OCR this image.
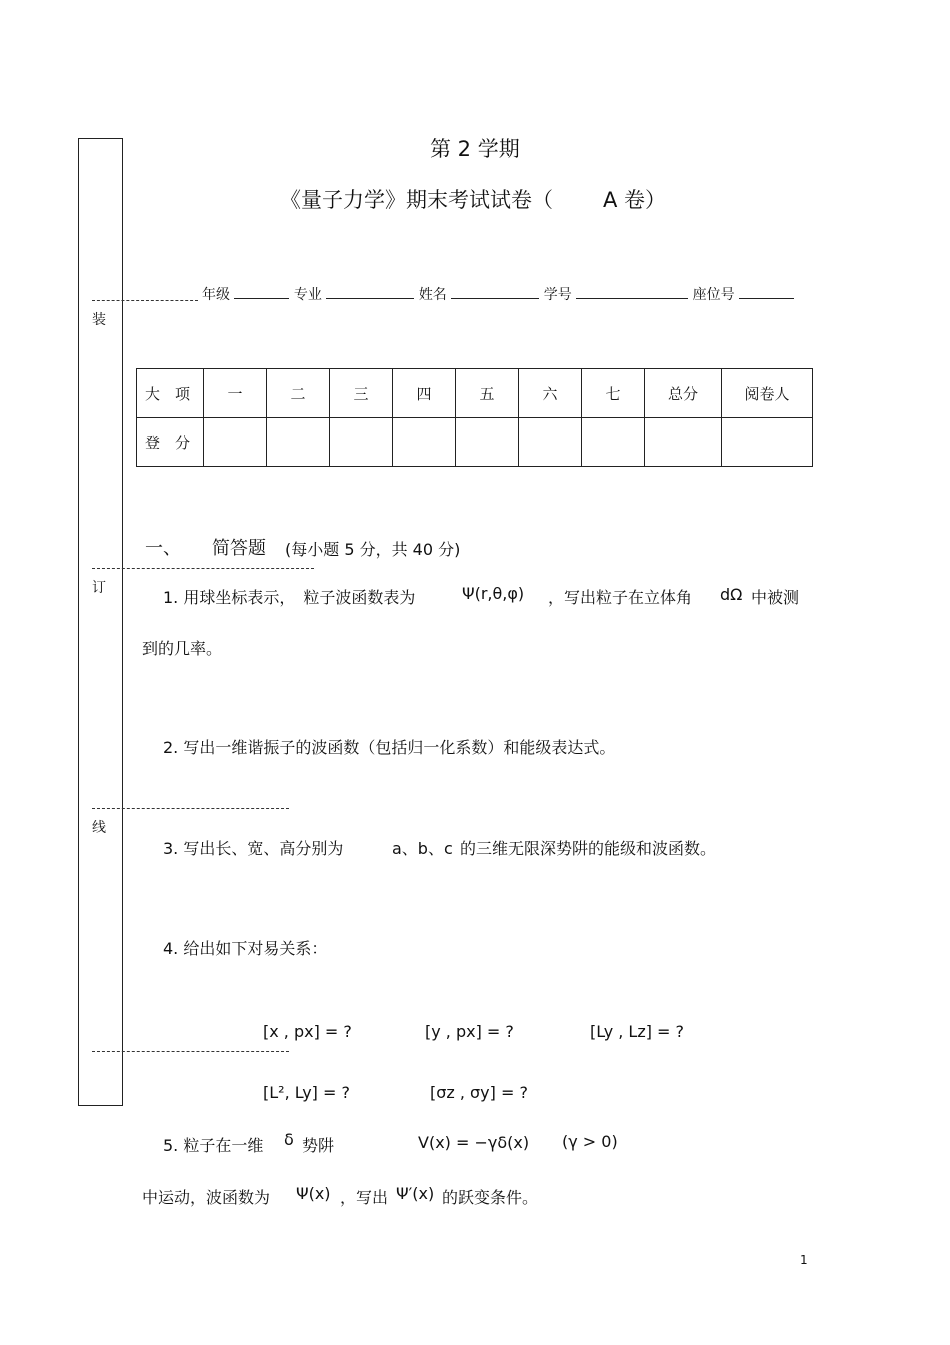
装
订
线
第 2 学期
《量子力学》期末考试试卷（ A 卷）
年级	专业	姓名	学号	座位号
大　项	一	二	三	四	五	六	七	总分	阅卷人
登　分									
一、 简答题 (每小题 5 分，共 40 分)
1. 用球坐标表示，　粒子波函数表为	Ψ(r,θ,φ) ，写出粒子在立体角 dΩ 中被测
到的几率。
2. 写出一维谐振子的波函数（包括归一化系数）和能级表达式。
3. 写出长、宽、高分别为	a、b、c 的三维无限深势阱的能级和波函数。
4. 给出如下对易关系：
[x , px] = ?	[y , px] = ?	[Ly , Lz] = ?
[L², Ly] = ?	[σz , σy] = ?
5. 粒子在一维 δ 势阱	V(x) = −γδ(x) (γ > 0)
中运动，波函数为 Ψ(x) ，写出 Ψ′(x) 的跃变条件。
1
